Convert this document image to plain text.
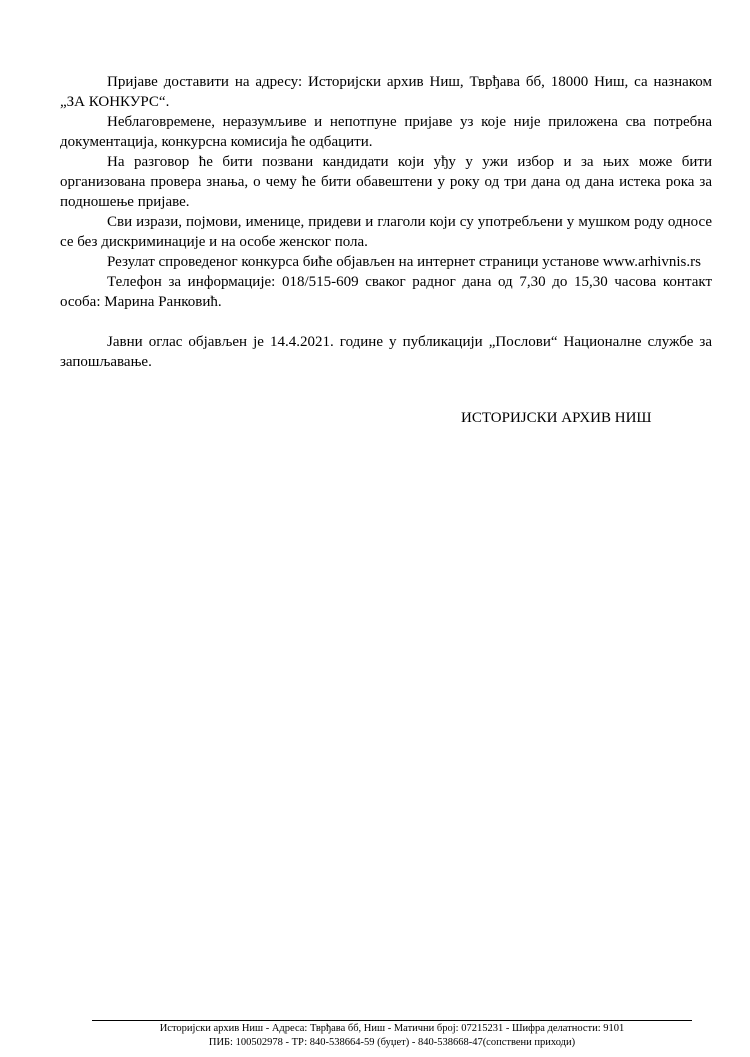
Пријаве доставити на адресу: Историјски архив Ниш, Тврђава бб, 18000 Ниш, са назнаком „ЗА КОНКУРС“.

Неблаговремене, неразумљиве и непотпуне пријаве уз које није приложена сва потребна документација, конкурсна комисија ће одбацити.

На разговор ће бити позвани кандидати који уђу у ужи избор и за њих може бити организована провера знања, о чему ће бити обавештени у року од три дана од дана истека рока за подношење пријаве.

Сви изрази, појмови, именице, придеви и глаголи који су употребљени у мушком роду односе се без дискриминације и на особе женског пола.

Резулат спроведеног конкурса биће објављен на интернет страници установе www.arhivnis.rs

Телефон за информације: 018/515-609 сваког радног дана од 7,30 до 15,30 часова контакт особа: Марина Ранковић.

Јавни оглас објављен је 14.4.2021. године у публикацији „Послови“ Националне службе за запошљавање.

ИСТОРИЈСКИ АРХИВ НИШ
Историјски архив Ниш - Адреса: Тврђава бб, Ниш - Матични број: 07215231 - Шифра делатности: 9101
ПИБ: 100502978 - ТР: 840-538664-59 (буџет) - 840-538668-47(сопствени приходи)
